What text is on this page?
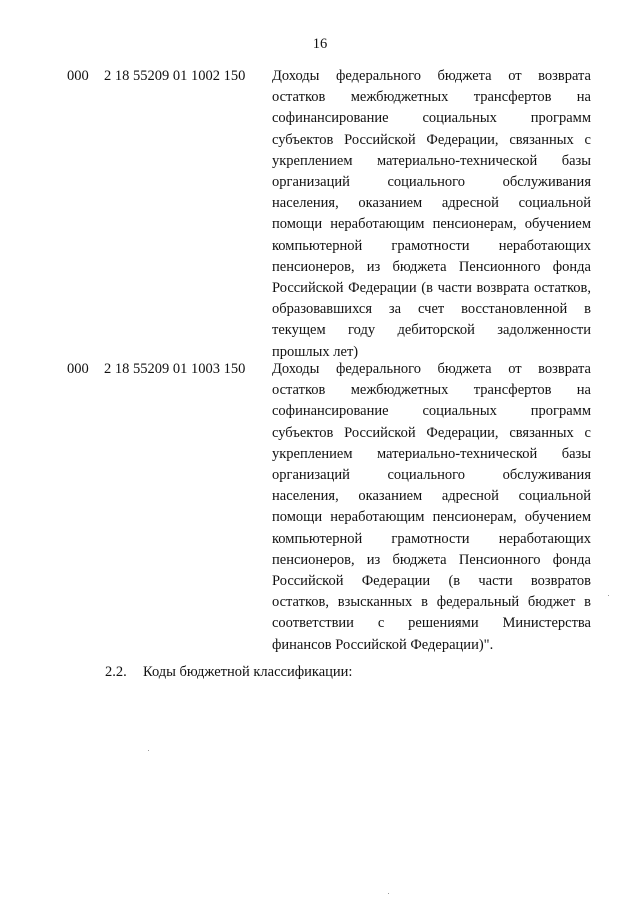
16
000 2 18 55209 01 1002 150 Доходы федерального бюджета от возврата остатков межбюджетных трансфертов на софинансирование социальных программ субъектов Российской Федерации, связанных с укреплением материально-технической базы организаций социального обслуживания населения, оказанием адресной социальной помощи неработающим пенсионерам, обучением компьютерной грамотности неработающих пенсионеров, из бюджета Пенсионного фонда Российской Федерации (в части возврата остатков, образовавшихся за счет восстановленной в текущем году дебиторской задолженности прошлых лет)
000 2 18 55209 01 1003 150 Доходы федерального бюджета от возврата остатков межбюджетных трансфертов на софинансирование социальных программ субъектов Российской Федерации, связанных с укреплением материально-технической базы организаций социального обслуживания населения, оказанием адресной социальной помощи неработающим пенсионерам, обучением компьютерной грамотности неработающих пенсионеров, из бюджета Пенсионного фонда Российской Федерации (в части возвратов остатков, взысканных в федеральный бюджет в соответствии с решениями Министерства финансов Российской Федерации)".
2.2. Коды бюджетной классификации:
